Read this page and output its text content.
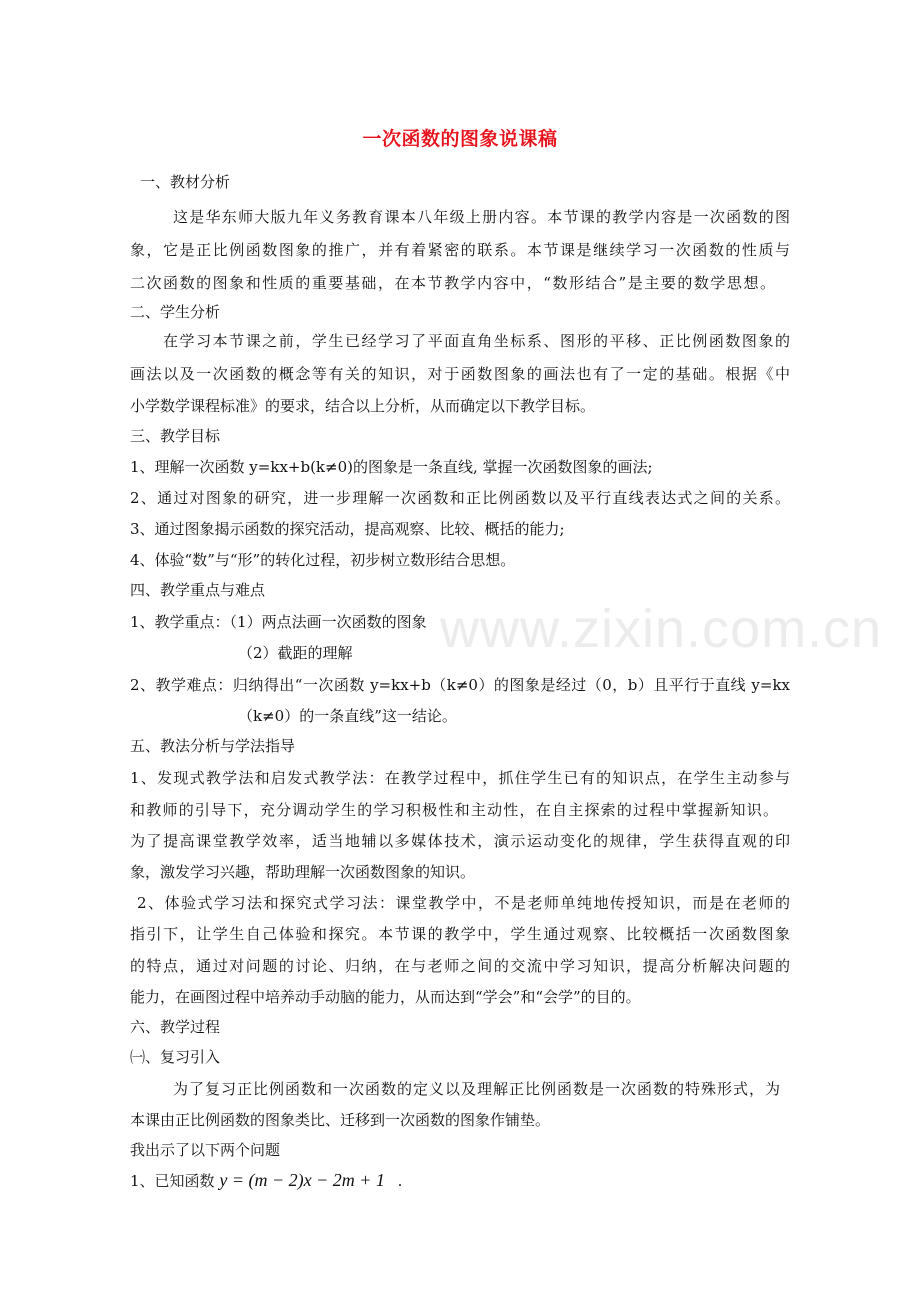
www.zixin.com.cn
一次函数的图象说课稿
一、教材分析
这是华东师大版九年义务教育课本八年级上册内容。本节课的教学内容是一次函数的图
象，它是正比例函数图象的推广，并有着紧密的联系。本节课是继续学习一次函数的性质与
二次函数的图象和性质的重要基础，在本节教学内容中，“数形结合”是主要的数学思想。
二、学生分析
在学习本节课之前，学生已经学习了平面直角坐标系、图形的平移、正比例函数图象的
画法以及一次函数的概念等有关的知识，对于函数图象的画法也有了一定的基础。根据《中
小学数学课程标准》的要求，结合以上分析，从而确定以下教学目标。
三、教学目标
1、理解一次函数 y=kx+b(k≠0)的图象是一条直线, 掌握一次函数图象的画法;
2、通过对图象的研究，进一步理解一次函数和正比例函数以及平行直线表达式之间的关系。
3、通过图象揭示函数的探究活动，提高观察、比较、概括的能力;
4、体验“数”与“形”的转化过程，初步树立数形结合思想。
四、教学重点与难点
1、教学重点：（1）两点法画一次函数的图象
（2）截距的理解
2、教学难点：归纳得出“一次函数 y=kx+b（k≠0）的图象是经过（0，b）且平行于直线 y=kx
（k≠0）的一条直线”这一结论。
五、教法分析与学法指导
1、发现式教学法和启发式教学法：在教学过程中，抓住学生已有的知识点，在学生主动参与
和教师的引导下，充分调动学生的学习积极性和主动性，在自主探索的过程中掌握新知识。
为了提高课堂教学效率，适当地辅以多媒体技术，演示运动变化的规律，学生获得直观的印
象，激发学习兴趣，帮助理解一次函数图象的知识。
2、体验式学习法和探究式学习法：课堂教学中，不是老师单纯地传授知识，而是在老师的
指引下，让学生自己体验和探究。本节课的教学中，学生通过观察、比较概括一次函数图象
的特点，通过对问题的讨论、归纳，在与老师之间的交流中学习知识，提高分析解决问题的
能力，在画图过程中培养动手动脑的能力，从而达到“学会”和“会学”的目的。
六、教学过程
㈠、复习引入
为了复习正比例函数和一次函数的定义以及理解正比例函数是一次函数的特殊形式，为
本课由正比例函数的图象类比、迁移到一次函数的图象作铺垫。
我出示了以下两个问题
1、已知函数 y = (m − 2)x − 2m + 1 .
